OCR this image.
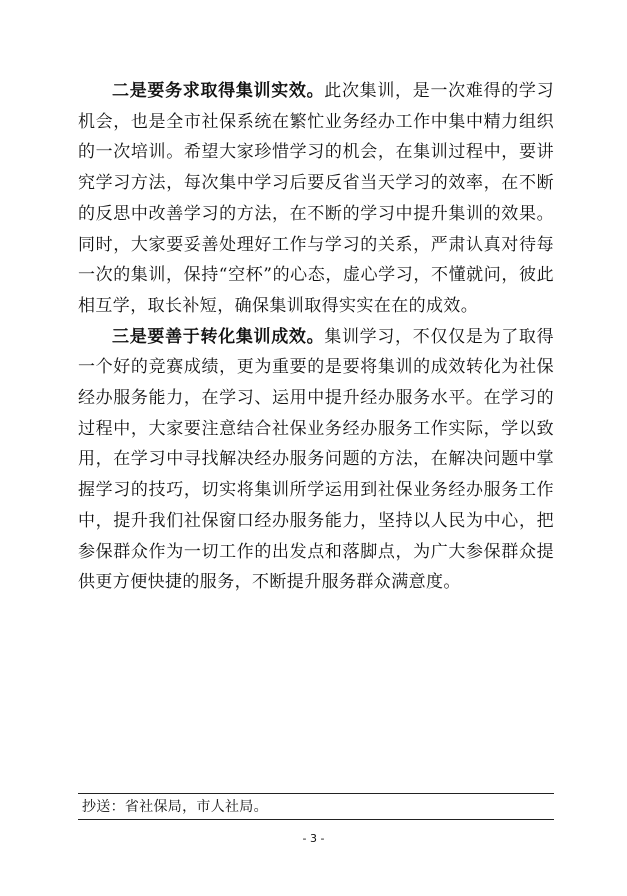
二是要务求取得集训实效。此次集训，是一次难得的学习机会，也是全市社保系统在繁忙业务经办工作中集中精力组织的一次培训。希望大家珍惜学习的机会，在集训过程中，要讲究学习方法，每次集中学习后要反省当天学习的效率，在不断的反思中改善学习的方法，在不断的学习中提升集训的效果。同时，大家要妥善处理好工作与学习的关系，严肃认真对待每一次的集训，保持“空杯”的心态，虚心学习，不懂就问，彼此相互学，取长补短，确保集训取得实实在在的成效。

三是要善于转化集训成效。集训学习，不仅仅是为了取得一个好的竞赛成绩，更为重要的是要将集训的成效转化为社保经办服务能力，在学习、运用中提升经办服务水平。在学习的过程中，大家要注意结合社保业务经办服务工作实际，学以致用，在学习中寻找解决经办服务问题的方法，在解决问题中掌握学习的技巧，切实将集训所学运用到社保业务经办服务工作中，提升我们社保窗口经办服务能力，坚持以人民为中心，把参保群众作为一切工作的出发点和落脚点，为广大参保群众提供更方便快捷的服务，不断提升服务群众满意度。

抄送：省社保局，市人社局。
- 3 -
